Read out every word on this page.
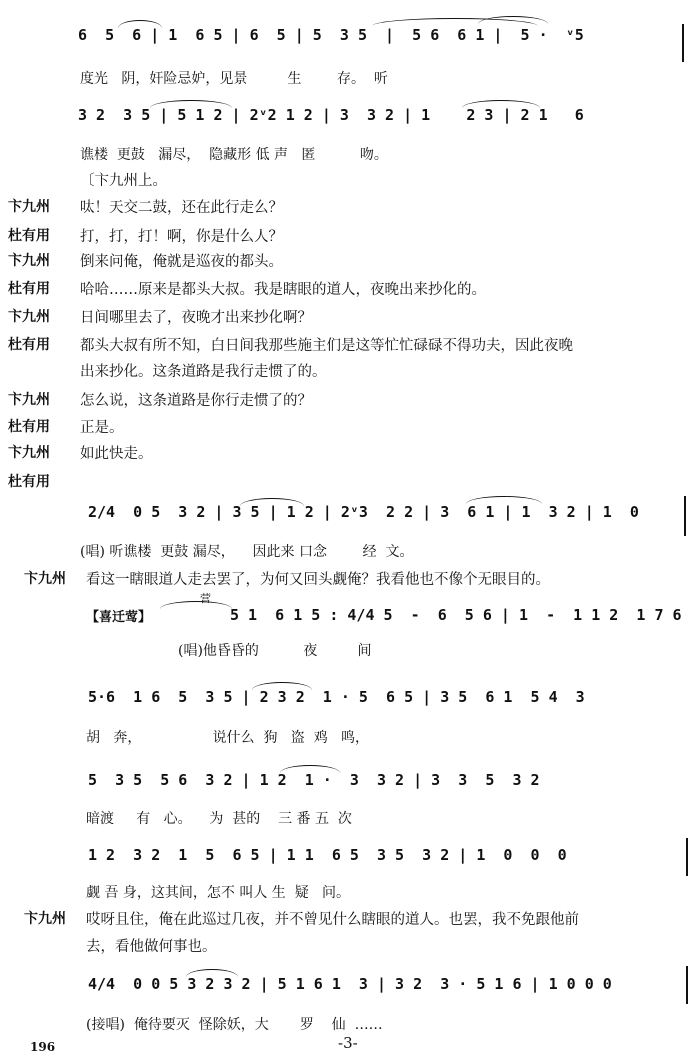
6  5  6 | 1  6 5 | 6  5 | 5  3 5  |  5 6  6 1 |  5 ·  ᵛ5
度光   阴，奸险忌妒，见景         生        存。  听
3 2  3 5 | 5 1 2 | 2ᵛ2 1 2 | 3  3 2 | 1    2 3 | 2 1   6
谯楼  更鼓   漏尽，  隐藏形 低 声   匿          吻。
〔卞九州上。
卞九州 呔！天交二鼓，还在此行走么？
杜有用 打，打，打！啊，你是什么人？
卞九州 倒来问俺，俺就是巡夜的都头。
杜有用 哈哈……原来是都头大叔。我是瞎眼的道人，夜晚出来抄化的。
卞九州 日间哪里去了，夜晚才出来抄化啊？
杜有用 都头大叔有所不知，白日间我那些施主们是这等忙忙碌碌不得功夫，因此夜晚
出来抄化。这条道路是我行走惯了的。
卞九州 怎么说，这条道路是你行走惯了的？
杜有用 正是。
卞九州 如此快走。
杜有用
2/4  0 5  3 2 | 3 5 | 1 2 | 2ᵛ3  2 2 | 3  6 1 | 1  3 2 | 1  0
(唱) 听谯楼  更鼓 漏尽，    因此来 口念        经  文。
卞九州 看这一瞎眼道人走去罢了，为何又回头觑俺？我看他也不像个无眼目的。
【喜迁莺】
营
5 1  6 1 5 : 4/4 5  -  6  5 6 | 1  -  1 1 2  1 7 6
(唱)他昏昏的          夜         间
5·6  1 6  5  3 5 | 2 3 2  1 · 5  6 5 | 3 5  6 1  5 4  3
胡   奔，                说什么  狗   盗  鸡   鸣，
5  3 5  5 6  3 2 | 1 2  1 ·  3  3 2 | 3  3  5  3 2
暗渡     有   心。    为  甚的    三 番 五  次
1 2  3 2  1  5  6 5 | 1 1  6 5  3 5  3 2 | 1  0  0  0
觑 吾 身，这其间，怎不 叫人 生  疑   问。
卞九州 哎呀且住，俺在此巡过几夜，并不曾见什么瞎眼的道人。也罢，我不免跟他前
去，看他做何事也。
4/4  0 0 5 3 2 3 2 | 5 1 6 1  3 | 3 2  3 · 5 1 6 | 1 0 0 0
(接唱)  俺待要灭  怪除妖，大       罗    仙  ……
196	-3-
